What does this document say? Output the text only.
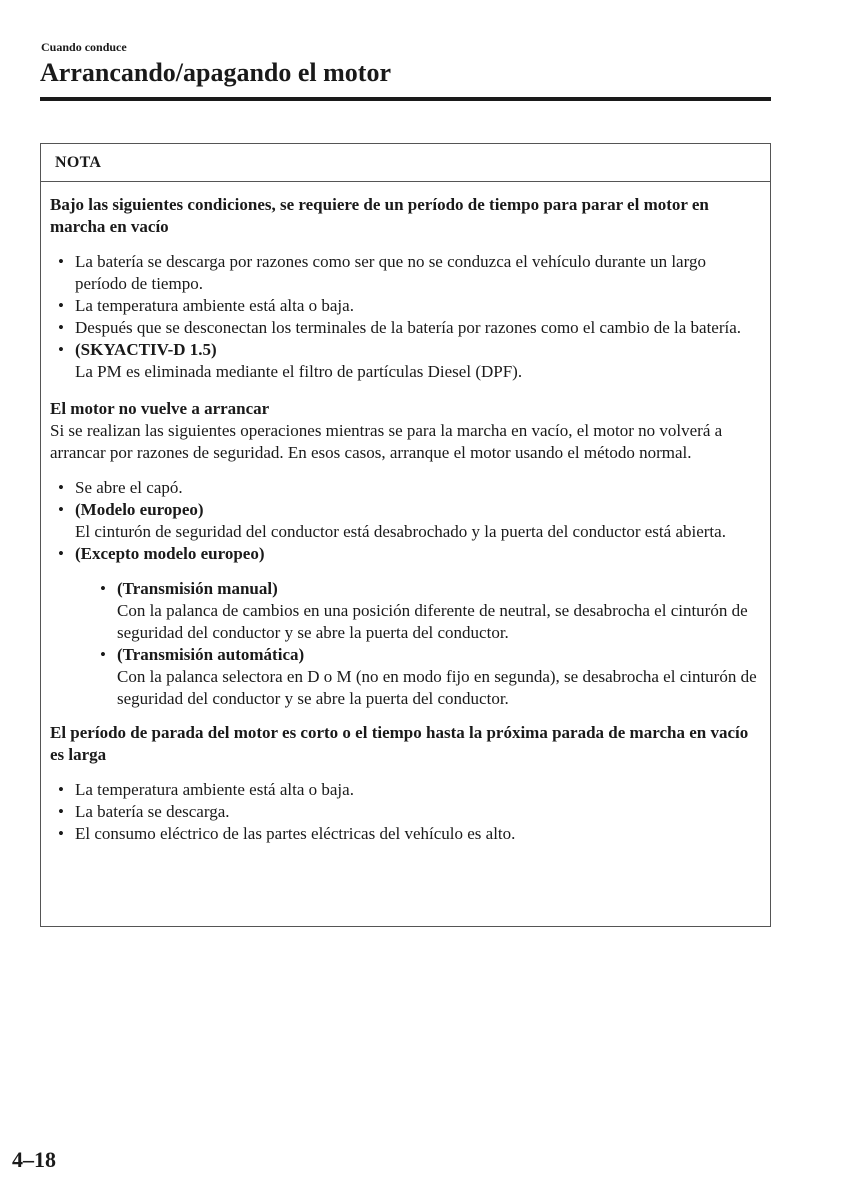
Cuando conduce
Arrancando/apagando el motor
NOTA

Bajo las siguientes condiciones, se requiere de un período de tiempo para parar el motor en marcha en vacío

• La batería se descarga por razones como ser que no se conduzca el vehículo durante un largo período de tiempo.
• La temperatura ambiente está alta o baja.
• Después que se desconectan los terminales de la batería por razones como el cambio de la batería.
• (SKYACTIV-D 1.5)
La PM es eliminada mediante el filtro de partículas Diesel (DPF).

El motor no vuelve a arrancar

Si se realizan las siguientes operaciones mientras se para la marcha en vacío, el motor no volverá a arrancar por razones de seguridad. En esos casos, arranque el motor usando el método normal.

• Se abre el capó.
• (Modelo europeo)
El cinturón de seguridad del conductor está desabrochado y la puerta del conductor está abierta.
• (Excepto modelo europeo)
• (Transmisión manual)
Con la palanca de cambios en una posición diferente de neutral, se desabrocha el cinturón de seguridad del conductor y se abre la puerta del conductor.
• (Transmisión automática)
Con la palanca selectora en D o M (no en modo fijo en segunda), se desabrocha el cinturón de seguridad del conductor y se abre la puerta del conductor.

El período de parada del motor es corto o el tiempo hasta la próxima parada de marcha en vacío es larga

• La temperatura ambiente está alta o baja.
• La batería se descarga.
• El consumo eléctrico de las partes eléctricas del vehículo es alto.
4–18
